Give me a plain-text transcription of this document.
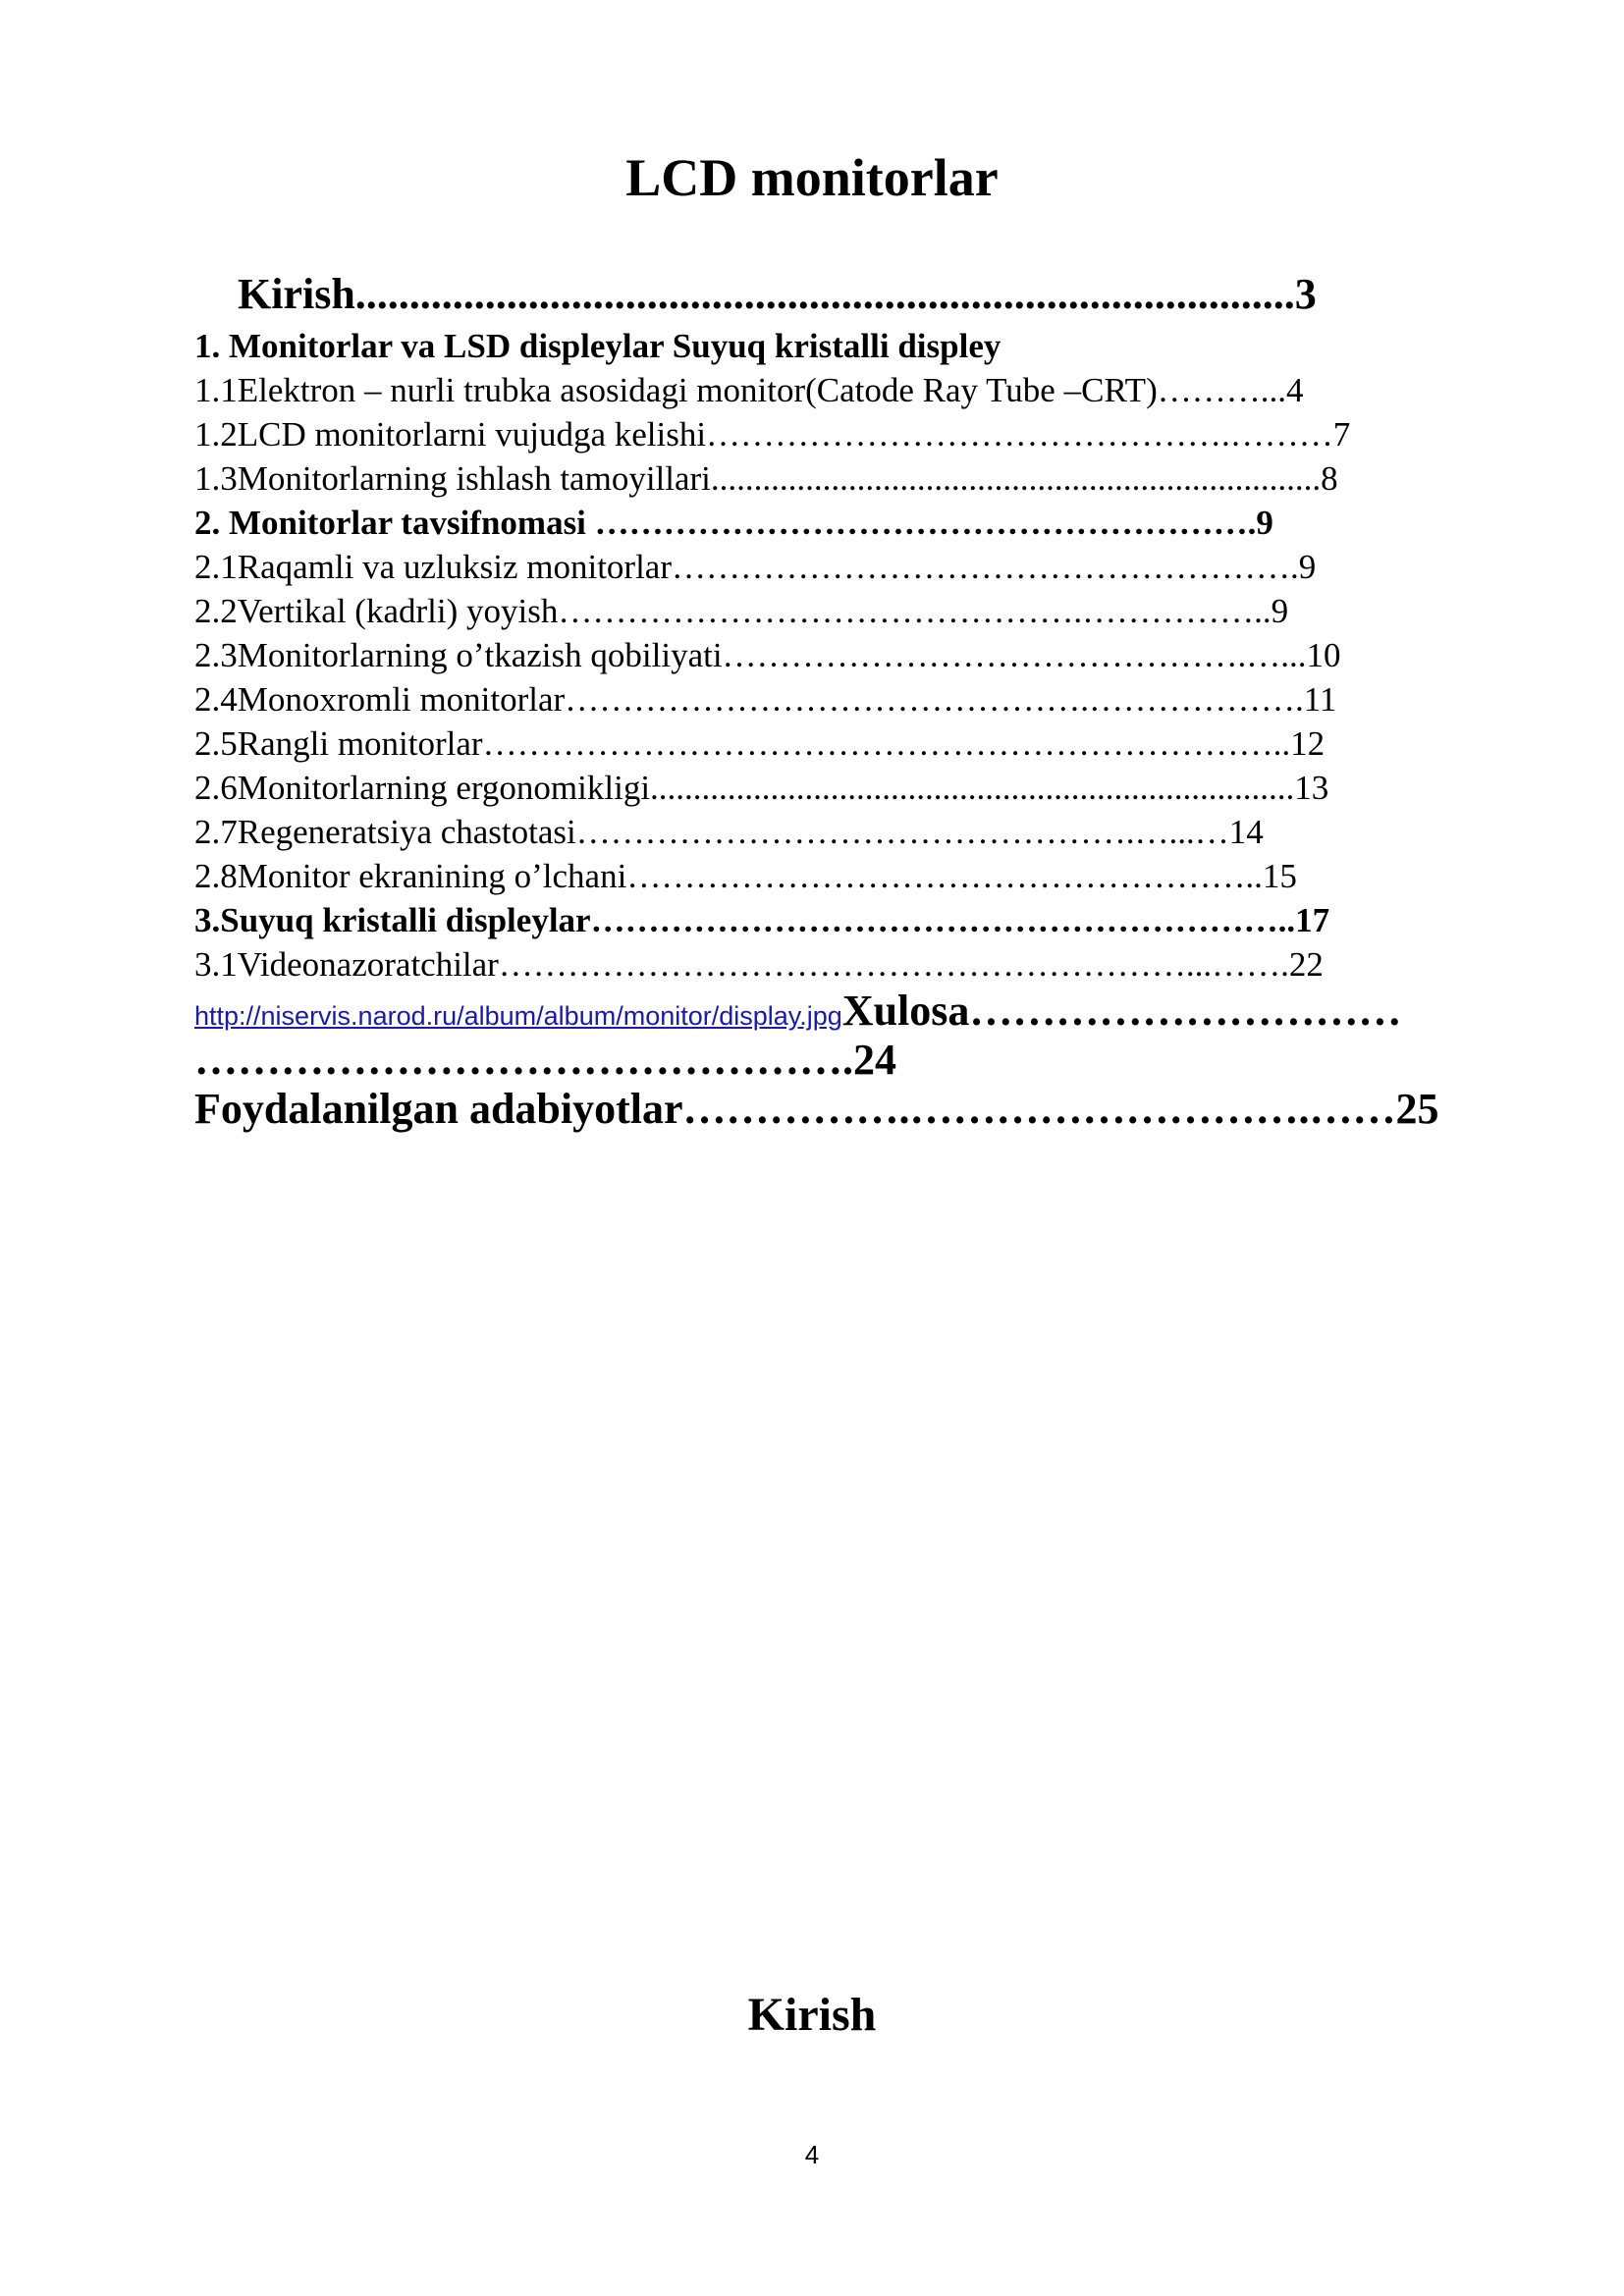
LCD monitorlar
Kirish.......................................................................................3
1. Monitorlar va LSD displeylar Suyuq kristalli displey
1.1Elektron – nurli trubka asosidagi monitor(Catode Ray Tube –CRT)………...4
1.2LCD monitorlarni vujudga kelishi……………………………………….………7
1.3Monitorlarning ishlash tamoyillari.......................................................................8
2. Monitorlar tavsifnomasi ………………………………………………….9
2.1Raqamli va uzluksiz monitorlar……………………………………………….9
2.2Vertikal (kadrli) yoyish……………………………………….……………..9
2.3Monitorlarning oʼtkazish qobiliyati……………………………………….…...10
2.4Monoxromli monitorlar……………………………………….……………….11
2.5Rangli monitorlar……………………………………………………………..12
2.6Monitorlarning ergonomikligi...........................................................................13
2.7Regeneratsiya chastotasi………………………………………….…...…14
2.8Monitor ekranining oʼlchani………………………………………………..15
3.Suyuq kristalli displeylar……………………………………………………..17
3.1Videonazoratchilar……………………………………………………...…….22
http://niservis.narod.ru/album/album/monitor/display.jpgXulosa…………………………
……………………………………….24
Foydalanilgan adabiyotlar…………….……………………….……25
Kirish
4
